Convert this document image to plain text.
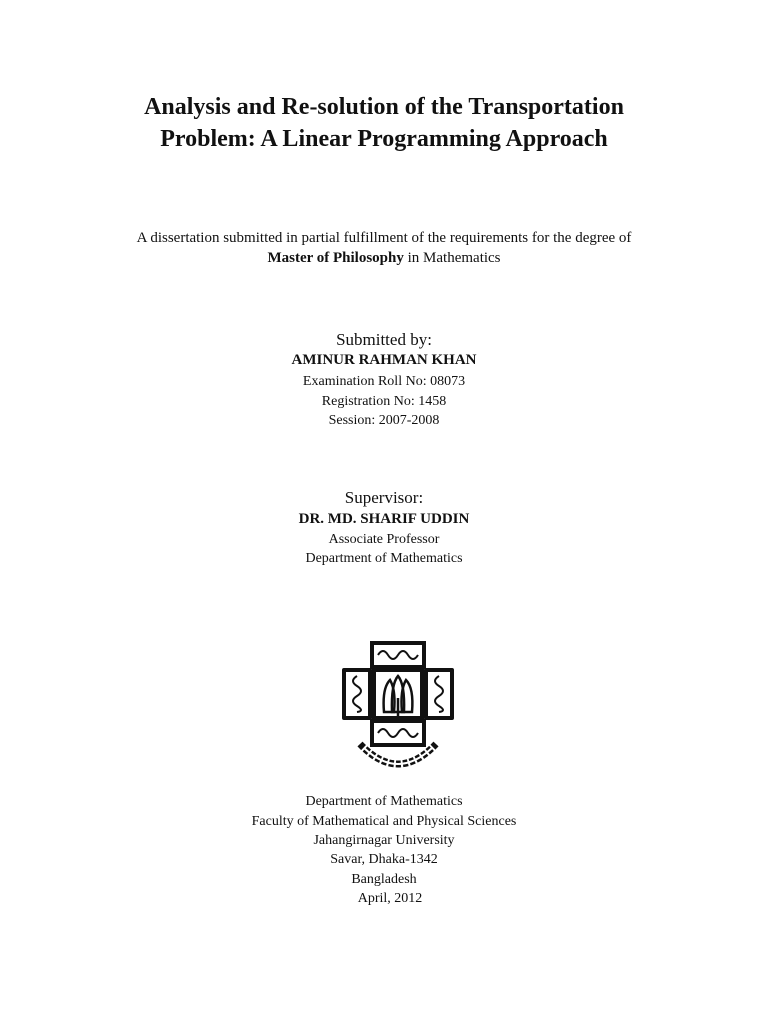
Analysis and Re-solution of the Transportation
Problem: A Linear Programming Approach
A dissertation submitted in partial fulfillment of the requirements for the degree of
Master of Philosophy in Mathematics
Submitted by:
AMINUR RAHMAN KHAN
Examination Roll No: 08073
Registration No: 1458
Session: 2007-2008
Supervisor:
DR. MD. SHARIF UDDIN
Associate Professor
Department of Mathematics
Department of Mathematics
Faculty of Mathematical and Physical Sciences
Jahangirnagar University
Savar, Dhaka-1342
Bangladesh
April, 2012
